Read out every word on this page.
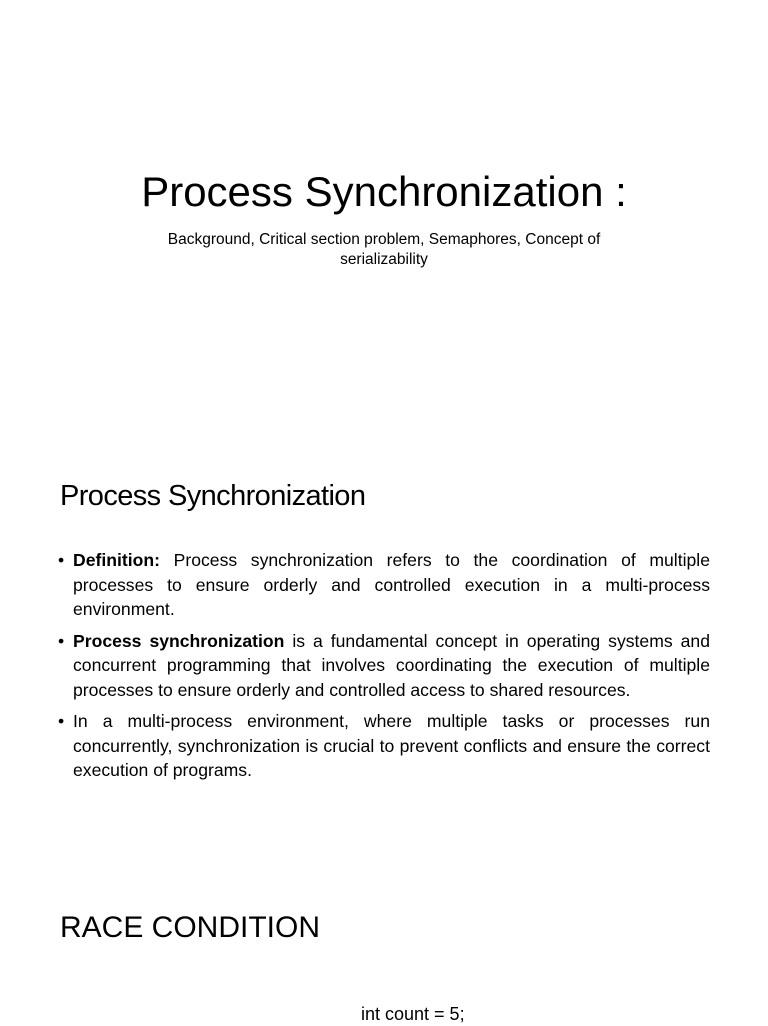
Process Synchronization :

Background, Critical section problem, Semaphores, Concept of serializability

Process Synchronization
• Definition: Process synchronization refers to the coordination of multiple processes to ensure orderly and controlled execution in a multi-process environment.
• Process synchronization is a fundamental concept in operating systems and concurrent programming that involves coordinating the execution of multiple processes to ensure orderly and controlled access to shared resources.
• In a multi-process environment, where multiple tasks or processes run concurrently, synchronization is crucial to prevent conflicts and ensure the correct execution of programs.
RACE CONDITION

int count = 5;
